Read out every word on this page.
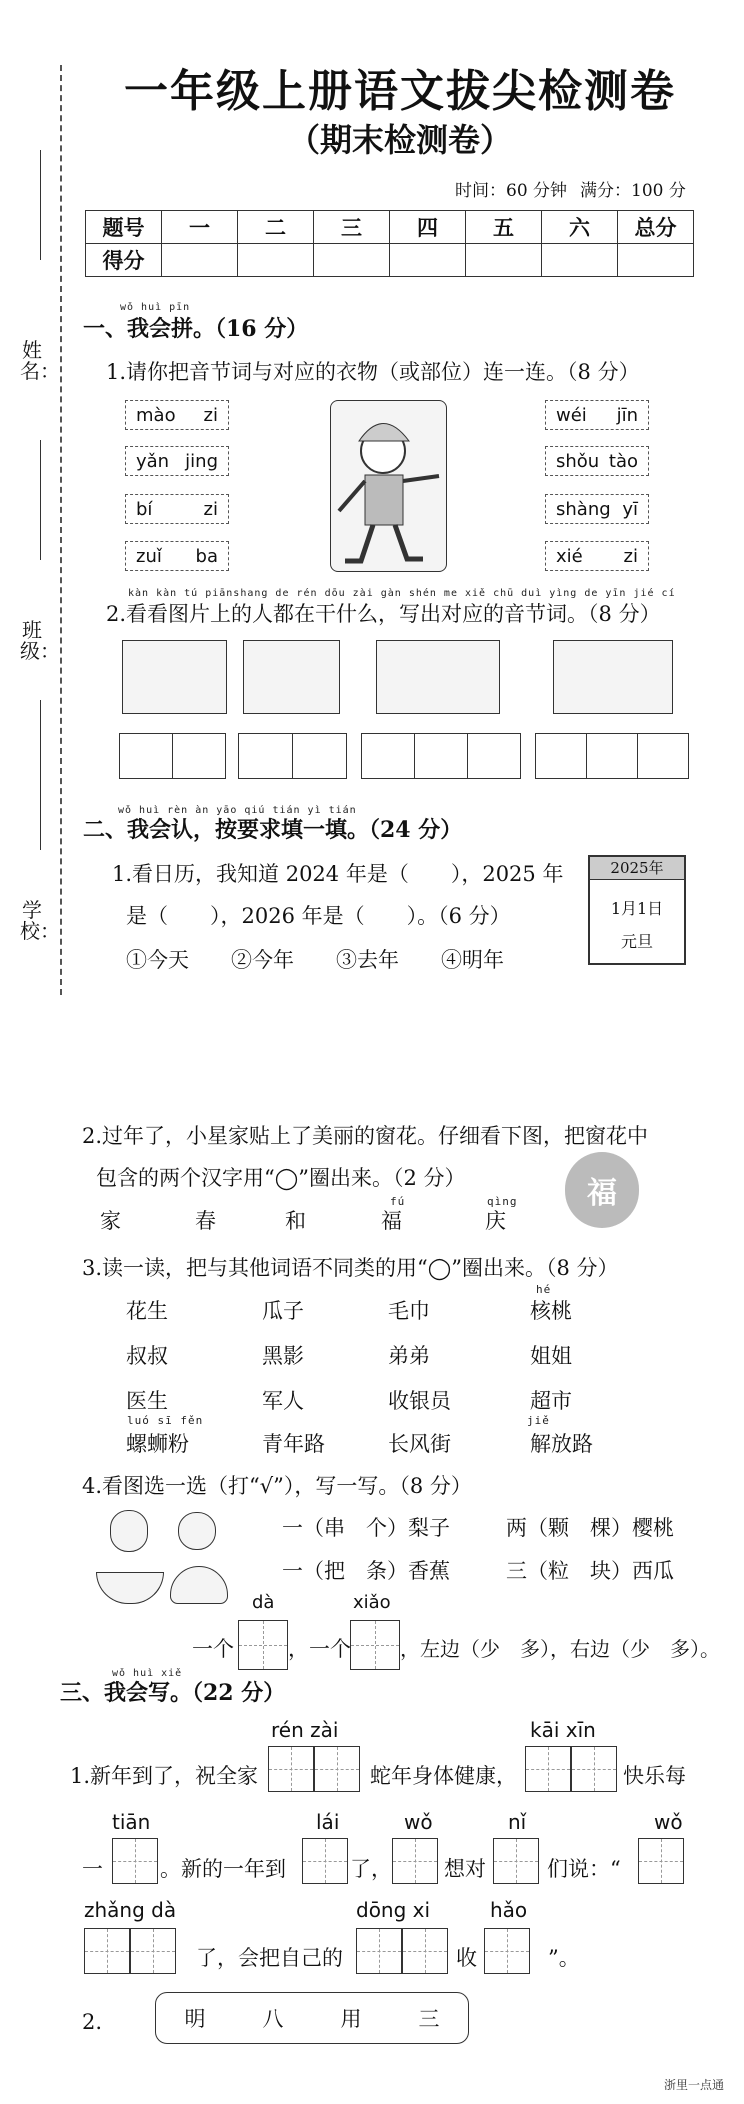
姓名：
班级：
学校：
一年级上册语文拔尖检测卷
（期末检测卷）
时间：60 分钟 满分：100 分
题号	一	二	三	四	五	六	总分
得分							
wǒ huì pīn
一、我会拼。（16 分）
1.请你把音节词与对应的衣物（或部位）连一连。（8 分）
mào zi
yǎn jing
bí	zi
zuǐ ba
wéi jīn
shǒu tào
shàng yī
xié zi
kàn kàn tú piānshang de rén dōu zài gàn shén me xiě chū duì yìng de yīn jié cí
2.看看图片上的人都在干什么，写出对应的音节词。（8 分）
wǒ huì rèn àn yāo qiú tián yì tián
二、我会认，按要求填一填。（24 分）
1.看日历，我知道 2024 年是（　　），2025 年
是（　　），2026 年是（　　）。（6 分）
①今天　　②今年　　③去年　　④明年
2025年
1月1日
元旦
2.过年了，小星家贴上了美丽的窗花。仔细看下图，把窗花中
包含的两个汉字用“◯”圈出来。（2 分）
fú	qìng
家	春	和	福	庆
福
3.读一读，把与其他词语不同类的用“◯”圈出来。（8 分）
hé
luó sī fěn	jiě
花生	瓜子	毛巾	核桃
叔叔	黑影	弟弟	姐姐
医生	军人	收银员	超市
螺蛳粉	青年路	长风街	解放路
4.看图选一选（打“√”），写一写。（8 分）
一（串　个）梨子	两（颗　棵）樱桃
一（把　条）香蕉	三（粒　块）西瓜
dà	xiǎo
一个	，一个 ，左边（少　多），右边（少　多）。
wǒ huì xiě
三、我会写。（22 分）
rén zài	kāi xīn
1.新年到了，祝全家	蛇年身体健康，	快乐每
tiān	lái	wǒ	nǐ	wǒ
一	。新的一年到	了， 想对	们说：“
zhǎng dà	dōng xi	hǎo
了，会把自己的	收	”。
2.	明	八	用	三
浙里一点通
